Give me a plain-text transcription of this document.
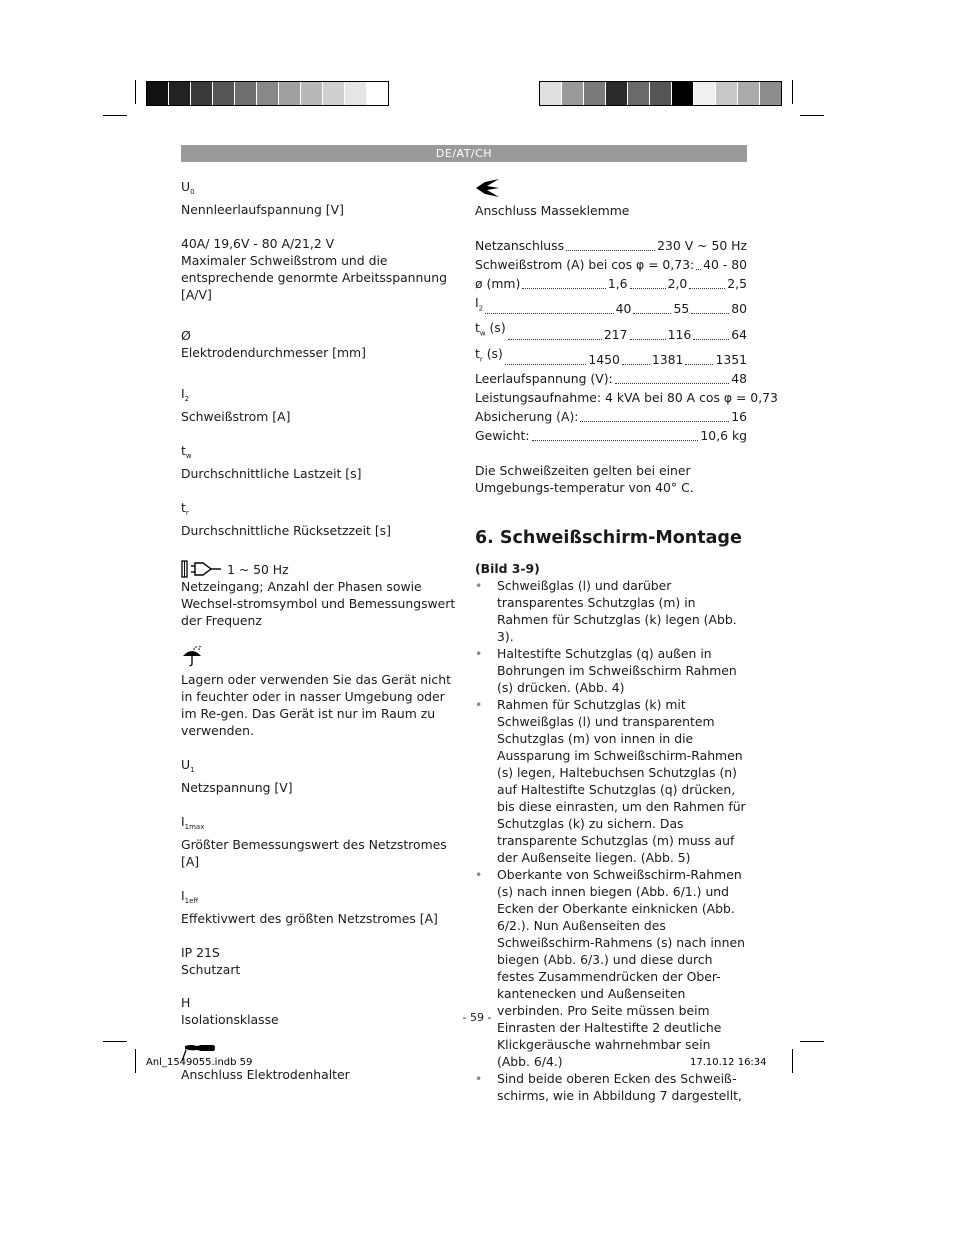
DE/AT/CH
$U_0$
Nennleerlaufspannung [V]
40A/ 19,6V - 80 A/21,2 V
Maximaler Schweißstrom und die entsprechende genormte Arbeitsspannung [A/V]
Ø
Elektrodendurchmesser [mm]
$I_2$
Schweißstrom [A]
$t_w$
Durchschnittliche Lastzeit [s]
$t_r$
Durchschnittliche Rücksetzzeit [s]
1 ~ 50 Hz
Netzeingang; Anzahl der Phasen sowie Wechsel-stromsymbol und Bemessungswert der Frequenz
Lagern oder verwenden Sie das Gerät nicht in feuchter oder in nasser Umgebung oder im Re-gen. Das Gerät ist nur im Raum zu verwenden.
$U_1$
Netzspannung [V]
$I_{1max}$
Größter Bemessungswert des Netzstromes [A]
$I_{1eff}$
Effektivwert des größten Netzstromes [A]
IP 21S
Schutzart
H
Isolationsklasse
Anschluss Elektrodenhalter
Anschluss Masseklemme
Netzanschluss	230 V ~ 50 Hz
Schweißstrom (A) bei cos φ = 0,73: 40 - 80
ø (mm)	1,6	2,0	2,5
$I_2$	40	55	80
$t_w$ (s)	217	116	64
$t_r$ (s)	1450	1381	1351
Leerlaufspannung (V):	48
Leistungsaufnahme: 4 kVA bei 80 A cos φ = 0,73
Absicherung (A):	16
Gewicht:	10,6 kg
Die Schweißzeiten gelten bei einer Umgebungs-temperatur von 40° C.
6. Schweißschirm-Montage
(Bild 3-9)
• Schweißglas (l) und darüber transparentes Schutzglas (m) in Rahmen für Schutzglas (k) legen (Abb. 3).
• Haltestifte Schutzglas (q) außen in Bohrungen im Schweißschirm Rahmen (s) drücken. (Abb. 4)
• Rahmen für Schutzglas (k) mit Schweißglas (l) und transparentem Schutzglas (m) von innen in die Aussparung im Schweißschirm-Rahmen (s) legen, Haltebuchsen Schutzglas (n) auf Haltestifte Schutzglas (q) drücken, bis diese einrasten, um den Rahmen für Schutzglas (k) zu sichern. Das transparente Schutzglas (m) muss auf der Außenseite liegen. (Abb. 5)
• Oberkante von Schweißschirm-Rahmen (s) nach innen biegen (Abb. 6/1.) und Ecken der Oberkante einknicken (Abb. 6/2.). Nun Außenseiten des Schweißschirm-Rahmens (s) nach innen biegen (Abb. 6/3.) und diese durch festes Zusammendrücken der Ober-kantenecken und Außenseiten verbinden. Pro Seite müssen beim Einrasten der Haltestifte 2 deutliche Klickgeräusche wahrnehmbar sein (Abb. 6/4.)
• Sind beide oberen Ecken des Schweiß-schirms, wie in Abbildung 7 dargestellt,
- 59 -
Anl_1549055.indb 59	17.10.12 16:34
